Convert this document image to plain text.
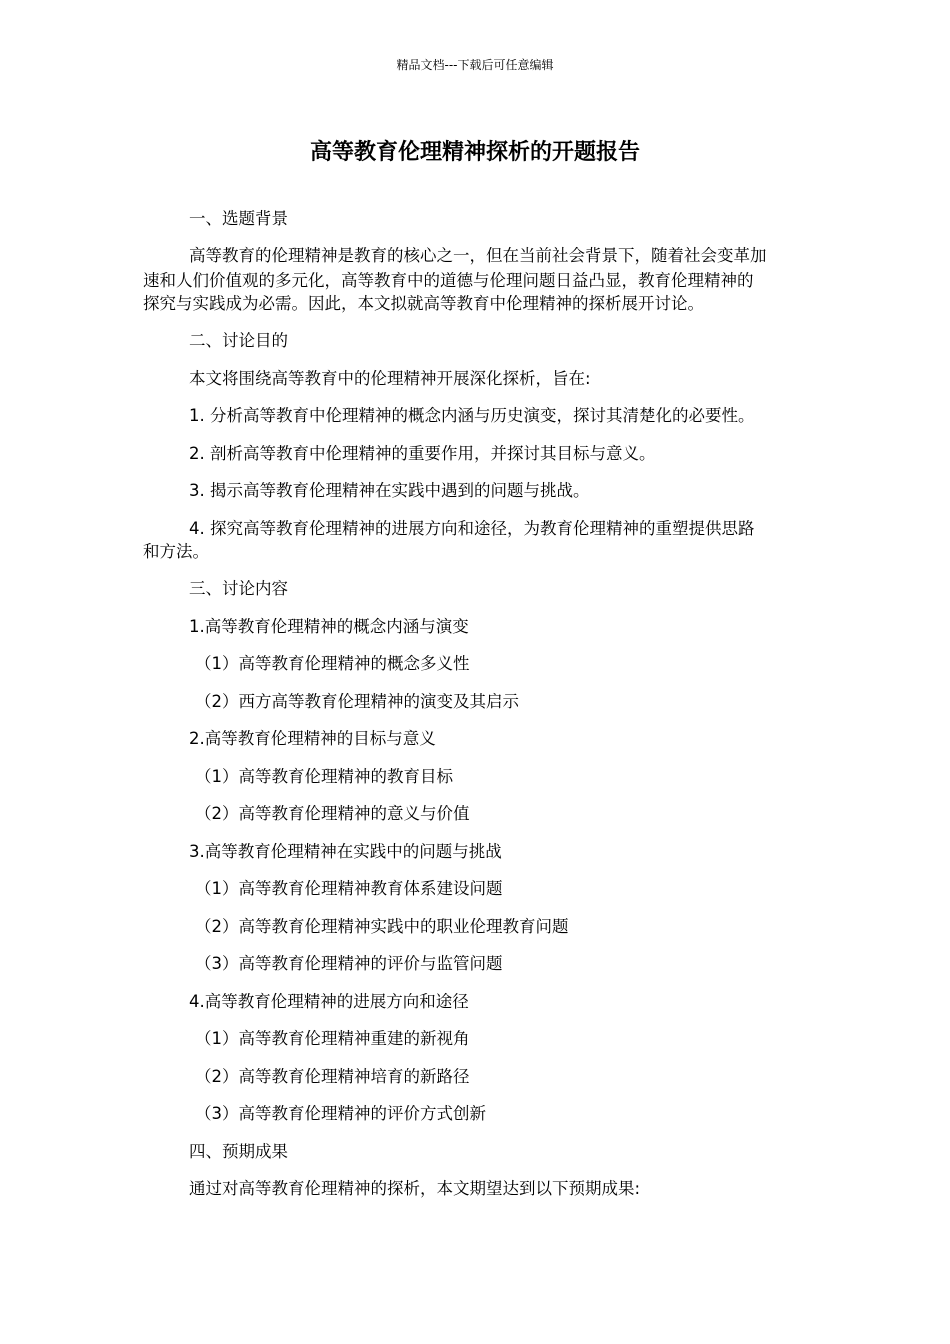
精品文档---下载后可任意编辑
高等教育伦理精神探析的开题报告
一、选题背景
高等教育的伦理精神是教育的核心之一，但在当前社会背景下，随着社会变革加
速和人们价值观的多元化，高等教育中的道德与伦理问题日益凸显，教育伦理精神的
探究与实践成为必需。因此，本文拟就高等教育中伦理精神的探析展开讨论。
二、讨论目的
本文将围绕高等教育中的伦理精神开展深化探析，旨在:
1. 分析高等教育中伦理精神的概念内涵与历史演变，探讨其清楚化的必要性。
2. 剖析高等教育中伦理精神的重要作用，并探讨其目标与意义。
3. 揭示高等教育伦理精神在实践中遇到的问题与挑战。
4. 探究高等教育伦理精神的进展方向和途径，为教育伦理精神的重塑提供思路
和方法。
三、讨论内容
1.高等教育伦理精神的概念内涵与演变
（1）高等教育伦理精神的概念多义性
（2）西方高等教育伦理精神的演变及其启示
2.高等教育伦理精神的目标与意义
（1）高等教育伦理精神的教育目标
（2）高等教育伦理精神的意义与价值
3.高等教育伦理精神在实践中的问题与挑战
（1）高等教育伦理精神教育体系建设问题
（2）高等教育伦理精神实践中的职业伦理教育问题
（3）高等教育伦理精神的评价与监管问题
4.高等教育伦理精神的进展方向和途径
（1）高等教育伦理精神重建的新视角
（2）高等教育伦理精神培育的新路径
（3）高等教育伦理精神的评价方式创新
四、预期成果
通过对高等教育伦理精神的探析，本文期望达到以下预期成果:
